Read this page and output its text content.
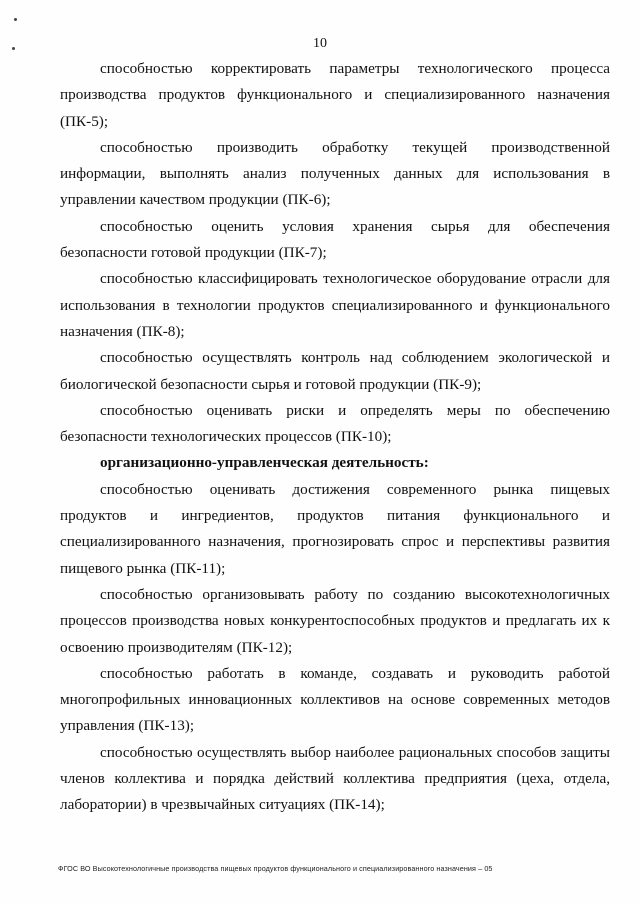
10

способностью корректировать параметры технологического процесса производства продуктов функционального и специализированного назначения (ПК-5);

способностью производить обработку текущей производственной информации, выполнять анализ полученных данных для использования в управлении качеством продукции (ПК-6);

способностью оценить условия хранения сырья для обеспечения безопасности готовой продукции (ПК-7);

способностью классифицировать технологическое оборудование отрасли для использования в технологии продуктов специализированного и функционального назначения (ПК-8);

способностью осуществлять контроль над соблюдением экологической и биологической безопасности сырья и готовой продукции (ПК-9);

способностью оценивать риски и определять меры по обеспечению безопасности технологических процессов (ПК-10);

организационно-управленческая деятельность:

способностью оценивать достижения современного рынка пищевых продуктов и ингредиентов, продуктов питания функционального и специализированного назначения, прогнозировать спрос и перспективы развития пищевого рынка (ПК-11);

способностью организовывать работу по созданию высокотехнологичных процессов производства новых конкурентоспособных продуктов и предлагать их к освоению производителям (ПК-12);

способностью работать в команде, создавать и руководить работой многопрофильных инновационных коллективов на основе современных методов управления (ПК-13);

способностью осуществлять выбор наиболее рациональных способов защиты членов коллектива и порядка действий коллектива предприятия (цеха, отдела, лаборатории) в чрезвычайных ситуациях (ПК-14);

ФГОС ВО Высокотехнологичные производства пищевых продуктов функционального и специализированного назначения – 05
